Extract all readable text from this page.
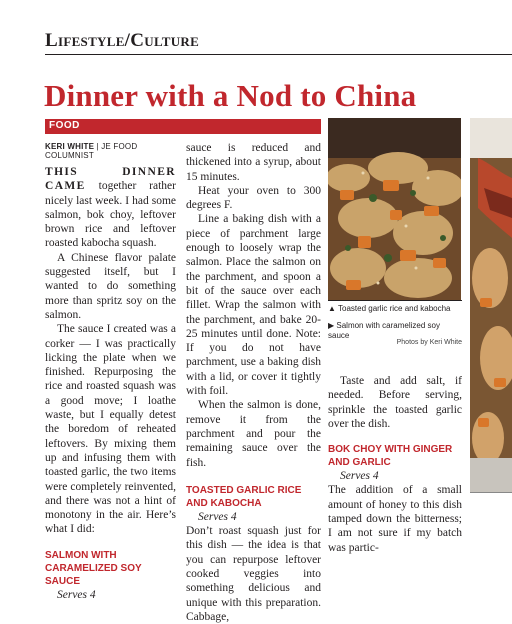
Lifestyle/Culture
Dinner with a Nod to China
FOOD
KERI WHITE | JE FOOD COLUMNIST

THIS DINNER CAME together rather nicely last week. I had some salmon, bok choy, leftover brown rice and leftover roasted kabocha squash.

A Chinese flavor palate suggested itself, but I wanted to do something more than spritz soy on the salmon.

The sauce I created was a corker — I was practically licking the plate when we finished. Repurposing the rice and roasted squash was a good move; I loathe waste, but I equally detest the boredom of reheated leftovers. By mixing them up and infusing them with toasted garlic, the two items were completely reinvented, and there was not a hint of monotony in the air. Here’s what I did:

SALMON WITH CARAMELIZED SOY SAUCE

Serves 4

sauce is reduced and thickened into a syrup, about 15 minutes.

Heat your oven to 300 degrees F.

Line a baking dish with a piece of parchment large enough to loosely wrap the salmon. Place the salmon on the parchment, and spoon a bit of the sauce over each fillet. Wrap the salmon with the parchment, and bake 20-25 minutes until done. Note: If you do not have parchment, use a baking dish with a lid, or cover it tightly with foil.

When the salmon is done, remove it from the parchment and pour the remaining sauce over the fish.

TOASTED GARLIC RICE AND KABOCHA

Serves 4

Don’t roast squash just for this dish — the idea is that you can repurpose leftover cooked veggies into something delicious and unique with this preparation. Cabbage,

▲ Toasted garlic rice and kabocha
▶ Salmon with caramelized soy sauce
Photos by Keri White

Taste and add salt, if needed. Before serving, sprinkle the toasted garlic over the dish.

BOK CHOY WITH GINGER AND GARLIC

Serves 4

The addition of a small amount of honey to this dish tamped down the bitterness; I am not sure if my batch was partic-
